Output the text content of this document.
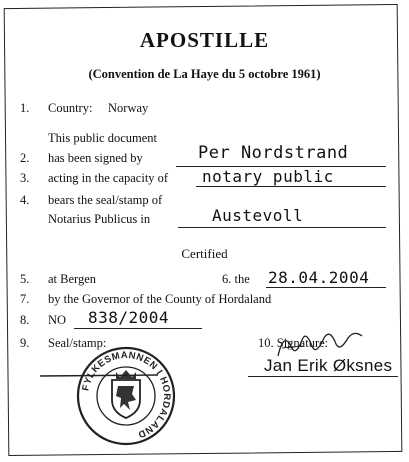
APOSTILLE
(Convention de La Haye du 5 octobre 1961)
1. Country: Norway
This public document
2. has been signed by	Per Nordstrand
3. acting in the capacity of notary public
4. bears the seal/stamp of
Notarius Publicus in	Austevoll
Certified
5. at Bergen	6. the 28.04.2004
7. by the Governor of the County of Hordaland
8. NO 838/2004
9. Seal/stamp:	10. Signature:
FYLKESMANNEN I HORDALAND
Jan Erik Øksnes
